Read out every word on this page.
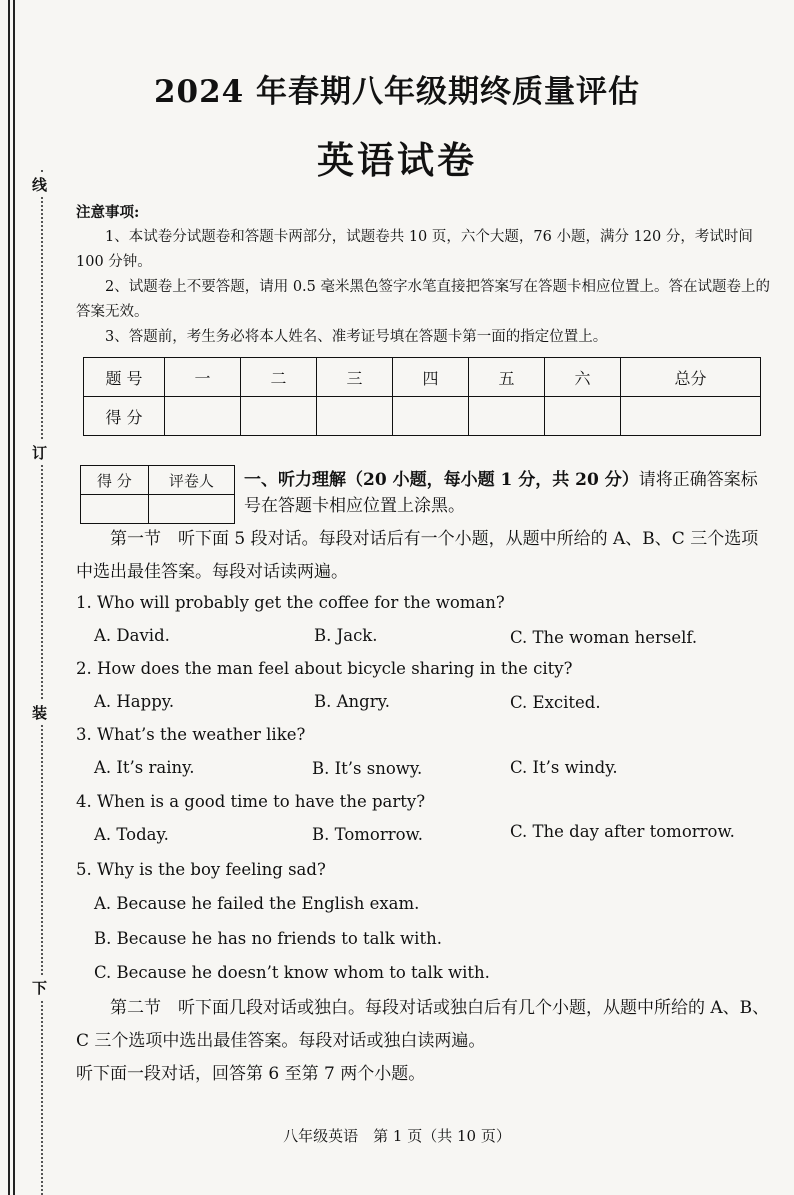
线
订
装
下
2024 年春期八年级期终质量评估
英语试卷
注意事项:

1、本试卷分试题卷和答题卡两部分，试题卷共 10 页，六个大题，76 小题，满分 120 分，考试时间 100 分钟。

2、试题卷上不要答题，请用 0.5 毫米黑色签字水笔直接把答案写在答题卡相应位置上。答在试题卷上的答案无效。

3、答题前，考生务必将本人姓名、准考证号填在答题卡第一面的指定位置上。

题 号	一	二	三	四	五	六	总分
得 分							
得 分	评卷人
	一、听力理解（20 小题，每小题 1 分，共 20 分）请将正确答案标号在答题卡相应位置上涂黑。

第一节　听下面 5 段对话。每段对话后有一个小题，从题中所给的 A、B、C 三个选项中选出最佳答案。每段对话读两遍。

1. Who will probably get the coffee for the woman?
A. David.	B. Jack.	C. The woman herself.
2. How does the man feel about bicycle sharing in the city?
A. Happy.	B. Angry.	C. Excited.
3. What’s the weather like?
A. It’s rainy.	B. It’s snowy.	C. It’s windy.
4. When is a good time to have the party?
A. Today.	B. Tomorrow.	C. The day after tomorrow.
5. Why is the boy feeling sad?
A. Because he failed the English exam.
B. Because he has no friends to talk with.
C. Because he doesn’t know whom to talk with.

第二节　听下面几段对话或独白。每段对话或独白后有几个小题，从题中所给的 A、B、C 三个选项中选出最佳答案。每段对话或独白读两遍。

听下面一段对话，回答第 6 至第 7 两个小题。

八年级英语　第 1 页（共 10 页）
